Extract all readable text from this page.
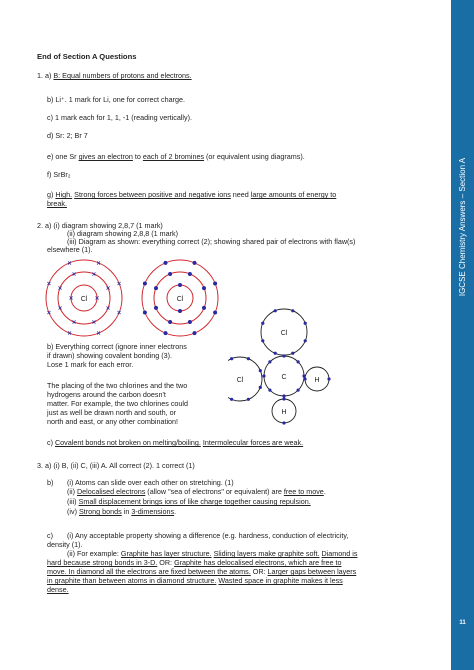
End of Section A Questions
1. a) B: Equal numbers of protons and electrons.
b) Li⁺. 1 mark for Li, one for correct charge.
c) 1 mark each for 1, 1, -1 (reading vertically).
d) Sr: 2; Br 7
e) one Sr gives an electron to each of 2 bromines (or equivalent using diagrams).
f) SrBr₂
g) High. Strong forces between positive and negative ions need large amounts of energy to
break.
2. a) (i) diagram showing 2,8,7 (1 mark)
(ii) diagram showing 2,8,8 (1 mark)
(iii) Diagram as shown: everything correct (2); showing shared pair of electrons with flaw(s)
elsewhere (1).
×
×
×
×
×
×
×
× ×
×
×
×
×
×
×
×	×
×
Cl	Cl
b) Everything correct (ignore inner electrons
if drawn) showing covalent bonding (3).
Lose 1 mark for each error.
The placing of the two chlorines and the two
hydrogens around the carbon doesn't
matter. For example, the two chlorines could
just as well be drawn north and south, or
north and east, or any other combination!
Cl
Cl	C	H
H
c) Covalent bonds not broken on melting/boiling. Intermolecular forces are weak.
3. a) (i) B, (ii) C, (iii) A. All correct (2). 1 correct (1)
b) (i) Atoms can slide over each other on stretching. (1)
(ii) Delocalised electrons (allow "sea of electrons" or equivalent) are free to move.
(iii) Small displacement brings ions of like charge together causing repulsion.
(iv) Strong bonds in 3-dimensions.
c) (i) Any acceptable property showing a difference (e.g. hardness, conduction of electricity,
density (1).
(ii) For example: Graphite has layer structure. Sliding layers make graphite soft. Diamond is
hard because strong bonds in 3-D. OR: Graphite has delocalised electrons, which are free to
move. In diamond all the electrons are fixed between the atoms. OR: Larger gaps between layers
in graphite than between atoms in diamond structure. Wasted space in graphite makes it less
dense.
IGCSE Chemistry Answers – Section A
11
